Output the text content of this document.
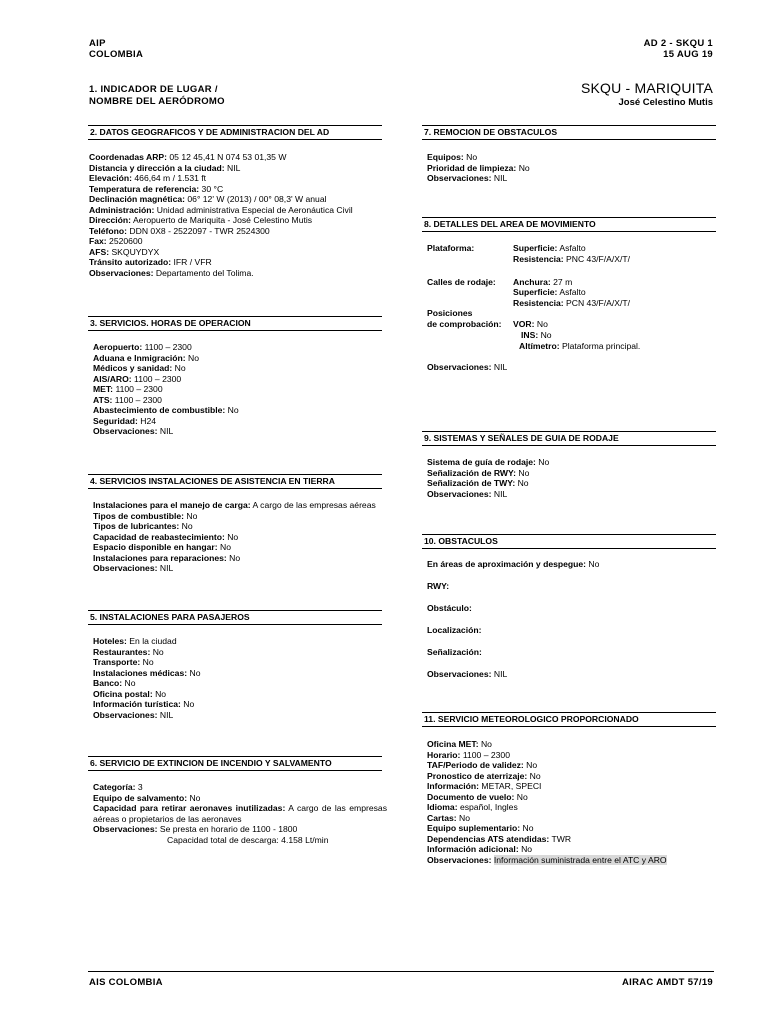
AIP
COLOMBIA
AD 2 - SKQU 1
15 AUG 19
1. INDICADOR DE LUGAR /
NOMBRE DEL AERÓDROMO
SKQU - MARIQUITA
José Celestino Mutis
2. DATOS GEOGRAFICOS Y DE ADMINISTRACION DEL AD
Coordenadas ARP: 05 12 45,41 N 074 53 01,35 W
Distancia y dirección a la ciudad: NIL
Elevación: 466,64 m / 1.531 ft
Temperatura de referencia: 30 °C
Declinación magnética: 06° 12' W (2013) / 00° 08,3' W anual
Administración: Unidad administrativa Especial de Aeronáutica Civil
Dirección: Aeropuerto de Mariquita - José Celestino Mutis
Teléfono: DDN 0X8 - 2522097 - TWR 2524300
Fax: 2520600
AFS: SKQUYDYX
Tránsito autorizado: IFR / VFR
Observaciones: Departamento del Tolima.
3. SERVICIOS. HORAS DE OPERACION
Aeropuerto: 1100 – 2300
Aduana e Inmigración: No
Médicos y sanidad: No
AIS/ARO: 1100 – 2300
MET: 1100 – 2300
ATS: 1100 – 2300
Abastecimiento de combustible: No
Seguridad: H24
Observaciones: NIL
4. SERVICIOS INSTALACIONES DE ASISTENCIA EN TIERRA
Instalaciones para el manejo de carga: A cargo de las empresas aéreas
Tipos de combustible: No
Tipos de lubricantes: No
Capacidad de reabastecimiento: No
Espacio disponible en hangar: No
Instalaciones para reparaciones: No
Observaciones: NIL
5. INSTALACIONES PARA PASAJEROS
Hoteles: En la ciudad
Restaurantes: No
Transporte: No
Instalaciones médicas: No
Banco: No
Oficina postal: No
Información turística: No
Observaciones: NIL
6. SERVICIO DE EXTINCION DE INCENDIO Y SALVAMENTO
Categoría: 3
Equipo de salvamento: No
Capacidad para retirar aeronaves inutilizadas: A cargo de las empresas aéreas o propietarios de las aeronaves
Observaciones: Se presta en horario de 1100 - 1800
Capacidad total de descarga: 4.158 Lt/min
7. REMOCION DE OBSTACULOS
Equipos: No
Prioridad de limpieza: No
Observaciones: NIL
8. DETALLES DEL AREA DE MOVIMIENTO
Plataforma:	Superficie: Asfalto
Resistencia: PNC 43/F/A/X/T/
Calles de rodaje: Anchura: 27 m
Superficie: Asfalto
Resistencia: PCN 43/F/A/X/T/
Posiciones
de comprobación: VOR: No
INS: No
Altímetro: Plataforma principal.
Observaciones: NIL
9. SISTEMAS Y SEÑALES DE GUIA DE RODAJE
Sistema de guía de rodaje: No
Señalización de RWY: No
Señalización de TWY: No
Observaciones: NIL
10. OBSTACULOS
En áreas de aproximación y despegue: No
RWY:
Obstáculo:
Localización:
Señalización:
Observaciones: NIL
11. SERVICIO METEOROLOGICO PROPORCIONADO
Oficina MET: No
Horario: 1100 – 2300
TAF/Periodo de validez: No
Pronostico de aterrizaje: No
Información: METAR, SPECI
Documento de vuelo: No
Idioma: español, Ingles
Cartas: No
Equipo suplementario: No
Dependencias ATS atendidas: TWR
Información adicional: No
Observaciones: Información suministrada entre el ATC y ARO
AIS COLOMBIA	AIRAC AMDT 57/19
